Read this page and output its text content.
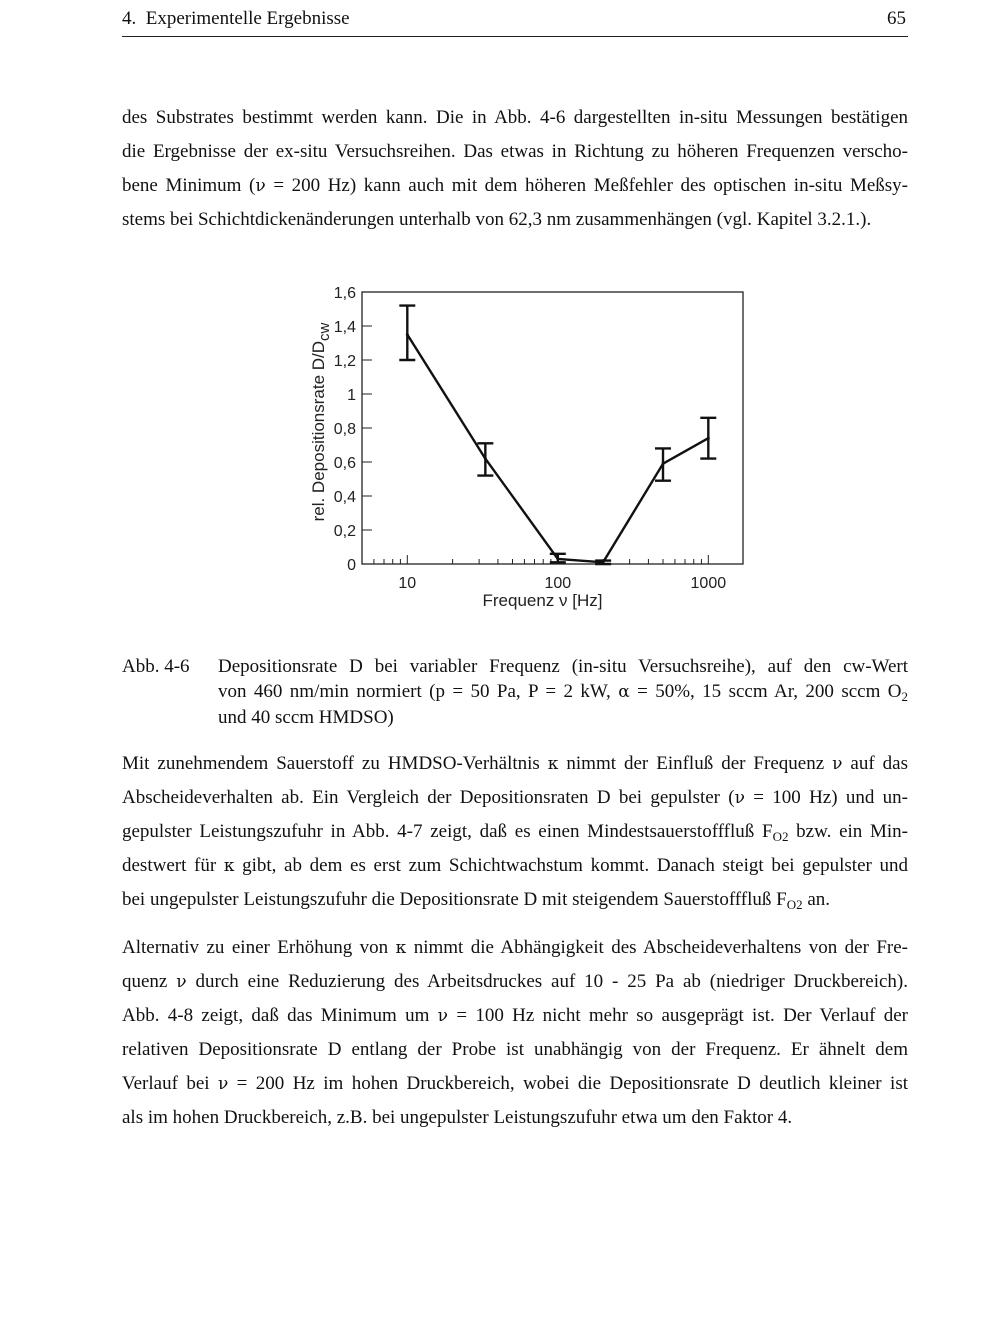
4.  Experimentelle Ergebnisse	65

des Substrates bestimmt werden kann. Die in Abb. 4-6 dargestellten in-situ Messungen bestätigen
die Ergebnisse der ex-situ Versuchsreihen. Das etwas in Richtung zu höheren Frequenzen verscho-
bene Minimum (ν = 200 Hz) kann auch mit dem höheren Meßfehler des optischen in-situ Meßsy-
stems bei Schichtdickenänderungen unterhalb von 62,3 nm zusammenhängen (vgl. Kapitel 3.2.1.).

0
0,2
0,4
0,6
0,8
1
1,2
1,4
1,6
10	100	1000
Frequenz ν [Hz]
rel. Depositionsrate D/Dcw
Abb. 4-6 Depositionsrate D bei variabler Frequenz (in-situ Versuchsreihe), auf den cw-Wert
von 460 nm/min normiert (p = 50 Pa, P = 2 kW, α = 50%, 15 sccm Ar, 200 sccm $O_2$
und 40 sccm HMDSO)

Mit zunehmendem Sauerstoff zu HMDSO-Verhältnis κ nimmt der Einfluß der Frequenz ν auf das
Abscheideverhalten ab. Ein Vergleich der Depositionsraten D bei gepulster (ν = 100 Hz) und un-
gepulster Leistungszufuhr in Abb. 4-7 zeigt, daß es einen Mindestsauerstofffluß $F_{O2}$ bzw. ein Min-
destwert für κ gibt, ab dem es erst zum Schichtwachstum kommt. Danach steigt bei gepulster und
bei ungepulster Leistungszufuhr die Depositionsrate D mit steigendem Sauerstofffluß $F_{O2}$ an.

Alternativ zu einer Erhöhung von κ nimmt die Abhängigkeit des Abscheideverhaltens von der Fre-
quenz ν durch eine Reduzierung des Arbeitsdruckes auf 10 - 25 Pa ab (niedriger Druckbereich).
Abb. 4-8 zeigt, daß das Minimum um ν = 100 Hz nicht mehr so ausgeprägt ist. Der Verlauf der
relativen Depositionsrate D entlang der Probe ist unabhängig von der Frequenz. Er ähnelt dem
Verlauf bei ν = 200 Hz im hohen Druckbereich, wobei die Depositionsrate D deutlich kleiner ist
als im hohen Druckbereich, z.B. bei ungepulster Leistungszufuhr etwa um den Faktor 4.
